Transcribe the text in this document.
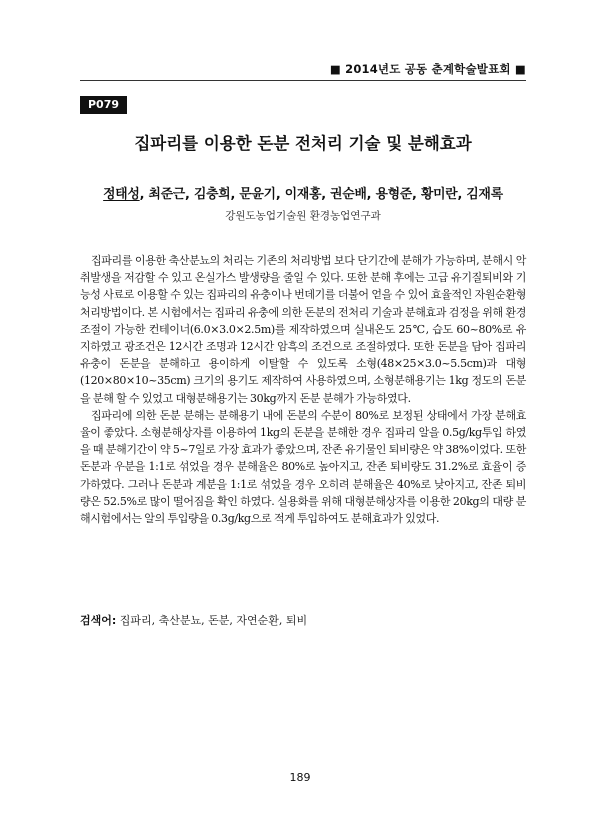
■ 2014년도 공동 춘계학술발표회 ■
P079
집파리를 이용한 돈분 전처리 기술 및 분해효과
정태성, 최준근, 김충희, 문윤기, 이재홍, 권순배, 용형준, 황미란, 김재록
강원도농업기술원 환경농업연구과

집파리를 이용한 축산분뇨의 처리는 기존의 처리방법 보다 단기간에 분해가 가능하며, 분해시 악취발생을 저감할 수 있고 온실가스 발생량을 줄일 수 있다. 또한 분해 후에는 고급 유기질퇴비와 기능성 사료로 이용할 수 있는 집파리의 유충이나 번데기를 더불어 얻을 수 있어 효율적인 자원순환형 처리방법이다. 본 시험에서는 집파리 유충에 의한 돈분의 전처리 기술과 분해효과 검정을 위해 환경조절이 가능한 컨테이너(6.0×3.0×2.5m)를 제작하였으며 실내온도 25℃, 습도 60~80%로 유지하였고 광조건은 12시간 조명과 12시간 암흑의 조건으로 조절하였다. 또한 돈분을 담아 집파리 유충이 돈분을 분해하고 용이하게 이탈할 수 있도록 소형(48×25×3.0~5.5cm)과 대형(120×80×10~35cm) 크기의 용기도 제작하여 사용하였으며, 소형분해용기는 1kg 정도의 돈분을 분해 할 수 있었고 대형분해용기는 30kg까지 돈분 분해가 가능하였다.

집파리에 의한 돈분 분해는 분해용기 내에 돈분의 수분이 80%로 보정된 상태에서 가장 분해효율이 좋았다. 소형분해상자를 이용하여 1kg의 돈분을 분해한 경우 집파리 알을 0.5g/kg투입 하였을 때 분해기간이 약 5~7일로 가장 효과가 좋았으며, 잔존 유기물인 퇴비량은 약 38%이었다. 또한 돈분과 우분을 1:1로 섞었을 경우 분해율은 80%로 높아지고, 잔존 퇴비량도 31.2%로 효율이 증가하였다. 그러나 돈분과 계분을 1:1로 섞었을 경우 오히려 분해율은 40%로 낮아지고, 잔존 퇴비량은 52.5%로 많이 떨어짐을 확인 하였다. 실용화를 위해 대형분해상자를 이용한 20kg의 대량 분해시험에서는 알의 투입량을 0.3g/kg으로 적게 투입하여도 분해효과가 있었다.

검색어: 집파리, 축산분뇨, 돈분, 자연순환, 퇴비
189
